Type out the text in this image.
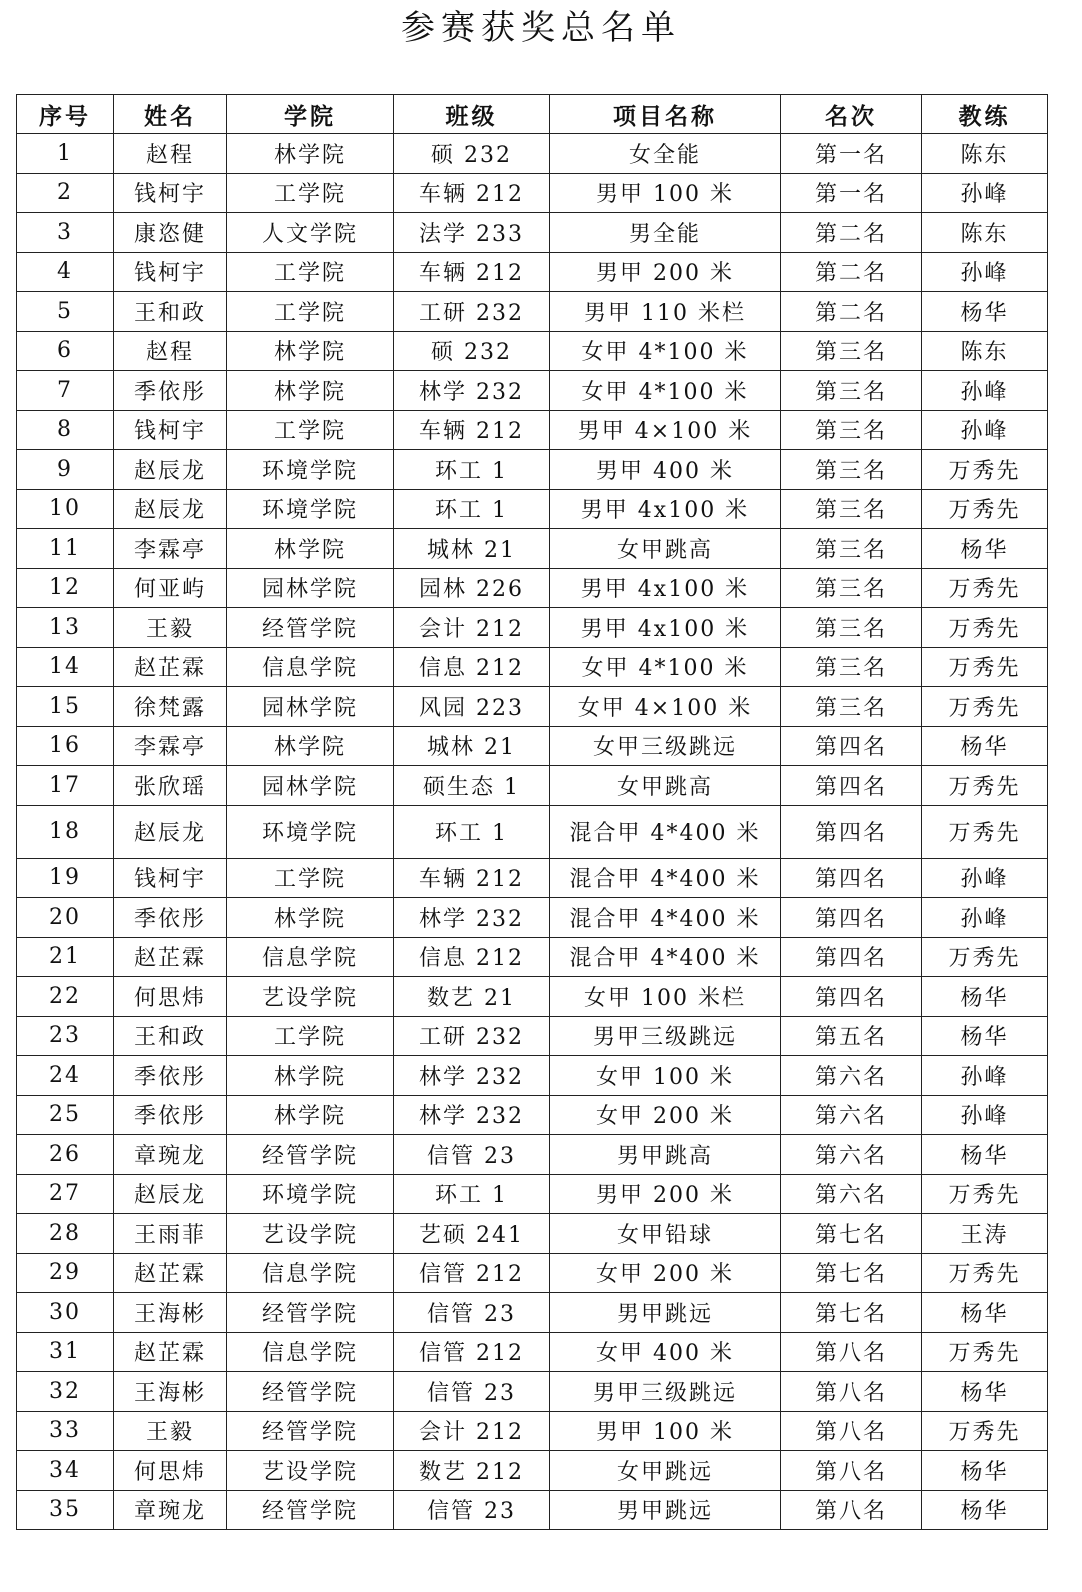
参赛获奖总名单
序号	姓名	学院	班级	项目名称	名次	教练
1	赵程	林学院	硕 232	女全能	第一名	陈东
2	钱柯宇	工学院	车辆 212	男甲 100 米	第一名	孙峰
3	康恣健	人文学院	法学 233	男全能	第二名	陈东
4	钱柯宇	工学院	车辆 212	男甲 200 米	第二名	孙峰
5	王和政	工学院	工研 232	男甲 110 米栏	第二名	杨华
6	赵程	林学院	硕 232	女甲 4*100 米	第三名	陈东
7	季依彤	林学院	林学 232	女甲 4*100 米	第三名	孙峰
8	钱柯宇	工学院	车辆 212	男甲 4×100 米	第三名	孙峰
9	赵辰龙	环境学院	环工 1	男甲 400 米	第三名	万秀先
10	赵辰龙	环境学院	环工 1	男甲 4x100 米	第三名	万秀先
11	李霖亭	林学院	城林 21	女甲跳高	第三名	杨华
12	何亚屿	园林学院	园林 226	男甲 4x100 米	第三名	万秀先
13	王毅	经管学院	会计 212	男甲 4x100 米	第三名	万秀先
14	赵芷霖	信息学院	信息 212	女甲 4*100 米	第三名	万秀先
15	徐梵露	园林学院	风园 223	女甲 4×100 米	第三名	万秀先
16	李霖亭	林学院	城林 21	女甲三级跳远	第四名	杨华
17	张欣瑶	园林学院	硕生态 1	女甲跳高	第四名	万秀先
18	赵辰龙	环境学院	环工 1	混合甲 4*400 米	第四名	万秀先
19	钱柯宇	工学院	车辆 212	混合甲 4*400 米	第四名	孙峰
20	季依彤	林学院	林学 232	混合甲 4*400 米	第四名	孙峰
21	赵芷霖	信息学院	信息 212	混合甲 4*400 米	第四名	万秀先
22	何思炜	艺设学院	数艺 21	女甲 100 米栏	第四名	杨华
23	王和政	工学院	工研 232	男甲三级跳远	第五名	杨华
24	季依彤	林学院	林学 232	女甲 100 米	第六名	孙峰
25	季依彤	林学院	林学 232	女甲 200 米	第六名	孙峰
26	章琬龙	经管学院	信管 23	男甲跳高	第六名	杨华
27	赵辰龙	环境学院	环工 1	男甲 200 米	第六名	万秀先
28	王雨菲	艺设学院	艺硕 241	女甲铅球	第七名	王涛
29	赵芷霖	信息学院	信管 212	女甲 200 米	第七名	万秀先
30	王海彬	经管学院	信管 23	男甲跳远	第七名	杨华
31	赵芷霖	信息学院	信管 212	女甲 400 米	第八名	万秀先
32	王海彬	经管学院	信管 23	男甲三级跳远	第八名	杨华
33	王毅	经管学院	会计 212	男甲 100 米	第八名	万秀先
34	何思炜	艺设学院	数艺 212	女甲跳远	第八名	杨华
35	章琬龙	经管学院	信管 23	男甲跳远	第八名	杨华
